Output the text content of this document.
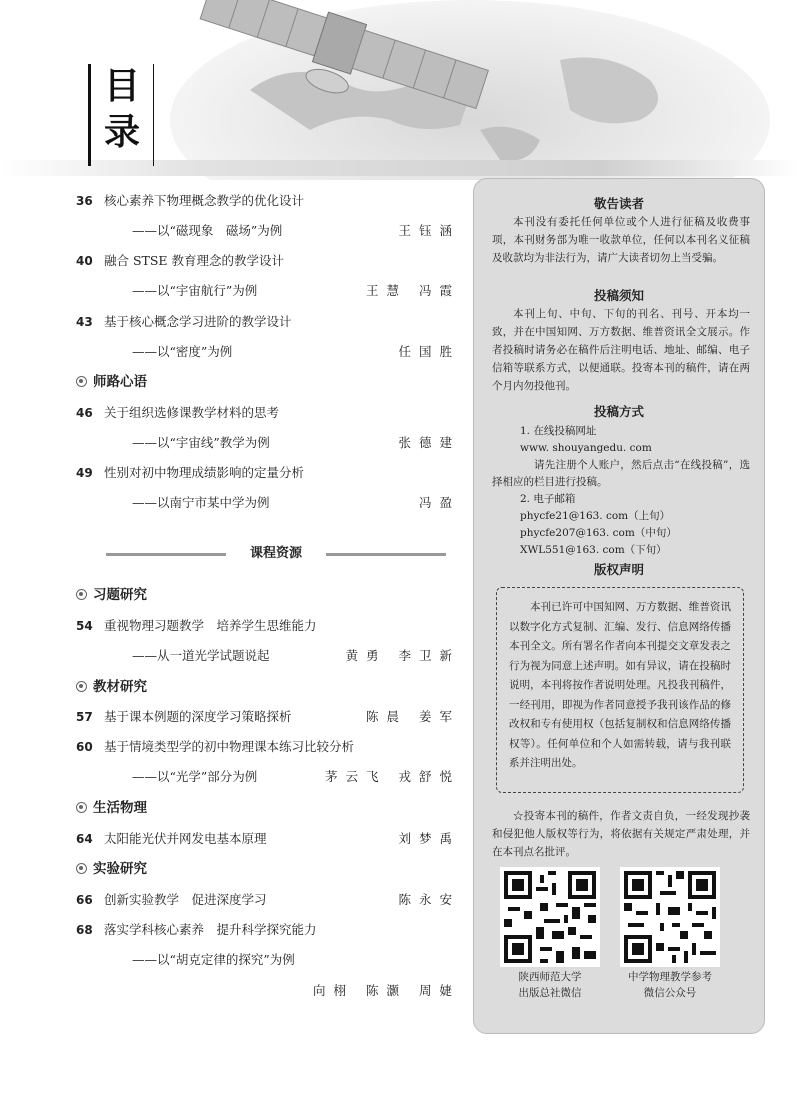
目
录
36 核心素养下物理概念教学的优化设计
——以“磁现象　磁场”为例	王钰涵
40 融合 STSE 教育理念的教学设计
——以“宇宙航行”为例	王慧 冯霞
43 基于核心概念学习进阶的教学设计
——以“密度”为例	任国胜
师路心语
46 关于组织选修课教学材料的思考
——以“宇宙线”教学为例	张德建
49 性别对初中物理成绩影响的定量分析
——以南宁市某中学为例	冯盈
课程资源
习题研究
54 重视物理习题教学　培养学生思维能力
——从一道光学试题说起	黄勇 李卫新
教材研究
57 基于课本例题的深度学习策略探析	陈晨 姜军
60 基于情境类型学的初中物理课本练习比较分析
——以“光学”部分为例	茅云飞 戎舒悦
生活物理
64 太阳能光伏并网发电基本原理	刘梦禹
实验研究
66 创新实验教学　促进深度学习	陈永安
68 落实学科核心素养　提升科学探究能力
——以“胡克定律的探究”为例
向栩 陈灏 周婕
敬告读者
本刊没有委托任何单位或个人进行征稿及收费事项，本刊财务部为唯一收款单位，任何以本刊名义征稿及收款均为非法行为，请广大读者切勿上当受骗。
投稿须知
本刊上旬、中旬、下旬的刊名、刊号、开本均一致，并在中国知网、万方数据、维普资讯全文展示。作者投稿时请务必在稿件后注明电话、地址、邮编、电子信箱等联系方式，以便通联。投寄本刊的稿件，请在两个月内勿投他刊。
投稿方式
1. 在线投稿网址
www. shouyangedu. com
请先注册个人账户，然后点击“在线投稿”，选择相应的栏目进行投稿。
2. 电子邮箱
phycfe21@163. com（上旬）
phycfe207@163. com（中旬）
XWL551@163. com（下旬）
版权声明
本刊已许可中国知网、万方数据、维普资讯以数字化方式复制、汇编、发行、信息网络传播本刊全文。所有署名作者向本刊提交文章发表之行为视为同意上述声明。如有异议，请在投稿时说明，本刊将按作者说明处理。凡投我刊稿件，一经刊用，即视为作者同意授予我刊该作品的修改权和专有使用权（包括复制权和信息网络传播权等）。任何单位和个人如需转载，请与我刊联系并注明出处。
☆投寄本刊的稿件，作者文责自负，一经发现抄袭和侵犯他人版权等行为，将依据有关规定严肃处理，并在本刊点名批评。
陕西师范大学
出版总社微信
中学物理教学参考
微信公众号
